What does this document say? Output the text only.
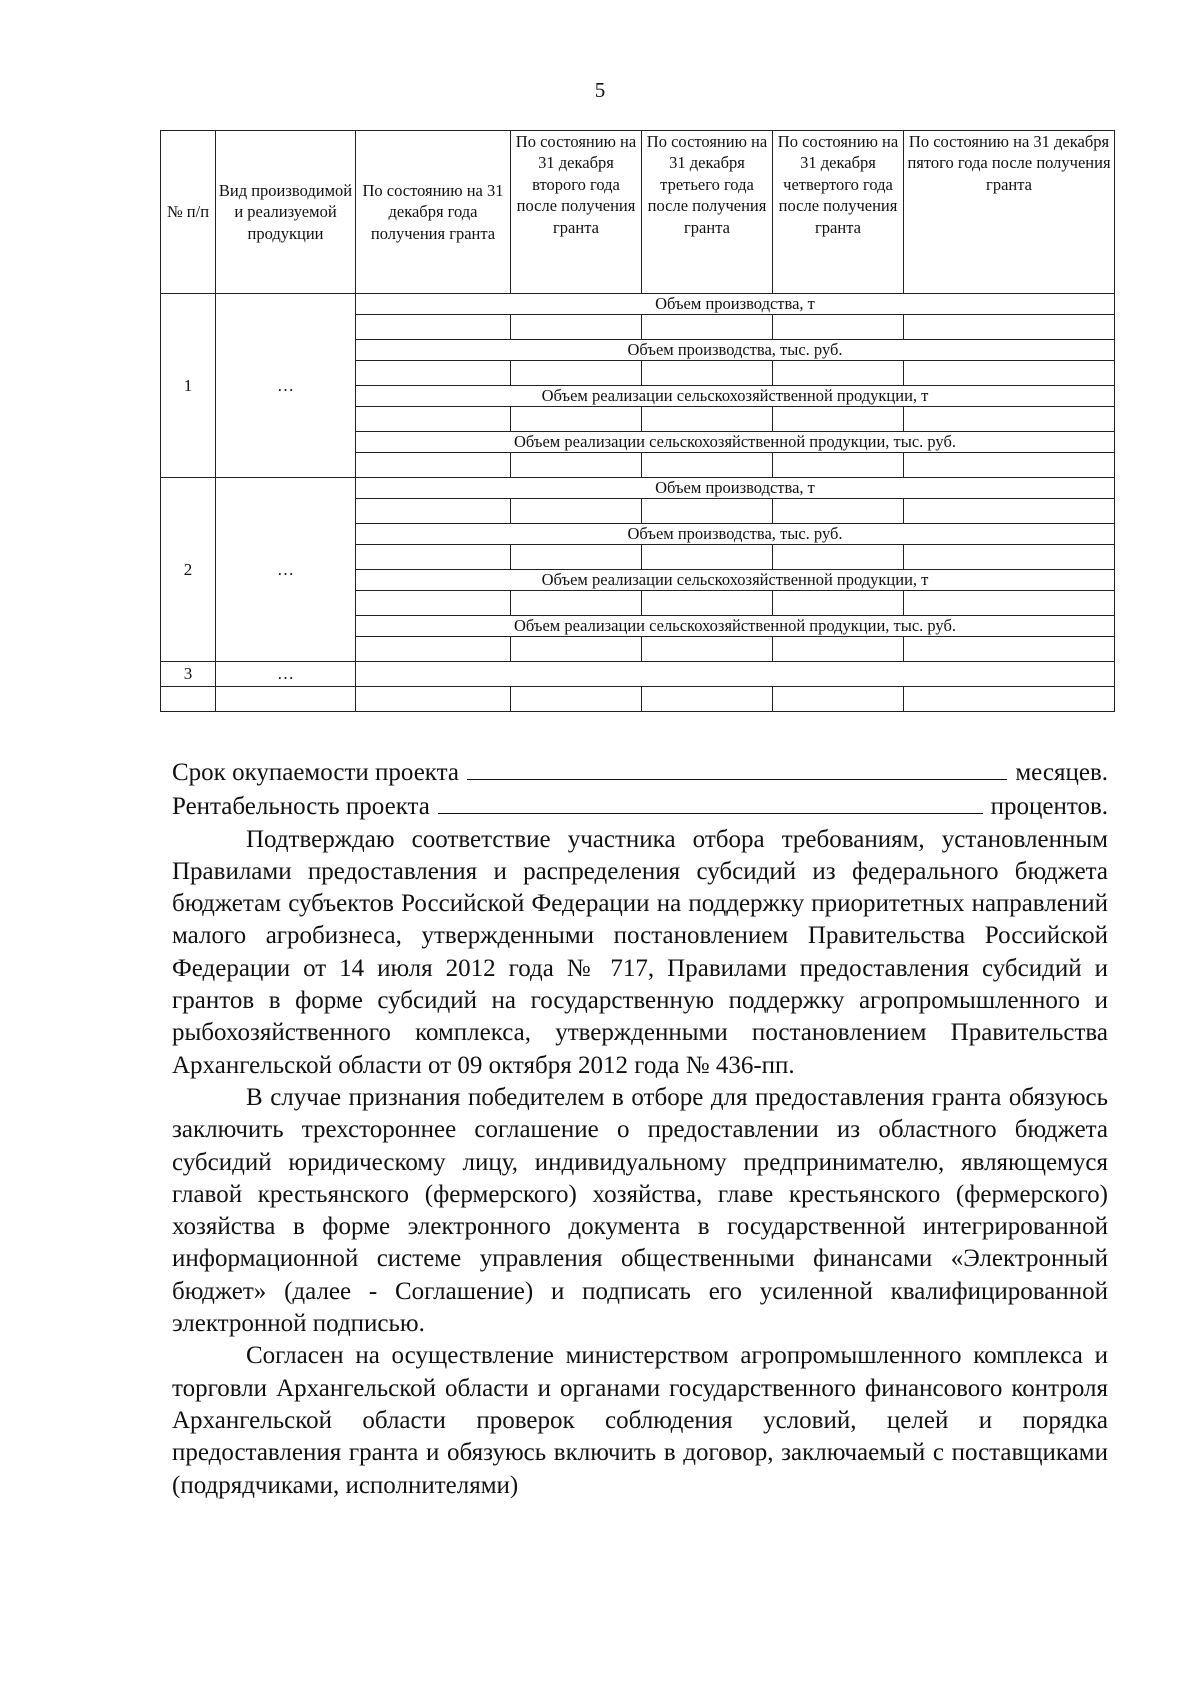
5
№ п/п	Вид производимой и реализуемой продукции	По состоянию на 31 декабря года получения гранта	По состоянию на 31 декабря второго года после получения гранта	По состоянию на 31 декабря третьего года после получения гранта	По состоянию на 31 декабря четвертого года после получения гранта	По состоянию на 31 декабря пятого года после получения гранта
1	…	Объем производства, т				

		Объем производства, тыс. руб.				

		Объем реализации сельскохозяйственной продукции, т				

		Объем реализации сельскохозяйственной продукции, тыс. руб.				

2	…	Объем производства, т				

		Объем производства, тыс. руб.				

		Объем реализации сельскохозяйственной продукции, т				

		Объем реализации сельскохозяйственной продукции, тыс. руб.				

3	…					

Срок окупаемости проекта	месяцев.
Рентабельность проекта	процентов.

Подтверждаю соответствие участника отбора требованиям, установленным Правилами предоставления и распределения субсидий из федерального бюджета бюджетам субъектов Российской Федерации на поддержку приоритетных направлений малого агробизнеса, утвержденными постановлением Правительства Российской Федерации от 14 июля 2012 года № 717, Правилами предоставления субсидий и грантов в форме субсидий на государственную поддержку агропромышленного и рыбохозяйственного комплекса, утвержденными постановлением Правительства Архангельской области от 09 октября 2012 года № 436-пп.

В случае признания победителем в отборе для предоставления гранта обязуюсь заключить трехстороннее соглашение о предоставлении из областного бюджета субсидий юридическому лицу, индивидуальному предпринимателю, являющемуся главой крестьянского (фермерского) хозяйства, главе крестьянского (фермерского) хозяйства в форме электронного документа в государственной интегрированной информационной системе управления общественными финансами «Электронный бюджет» (далее - Соглашение) и подписать его усиленной квалифицированной электронной подписью.

Согласен на осуществление министерством агропромышленного комплекса и торговли Архангельской области и органами государственного финансового контроля Архангельской области проверок соблюдения условий, целей и порядка предоставления гранта и обязуюсь включить в договор, заключаемый с поставщиками (подрядчиками, исполнителями)
